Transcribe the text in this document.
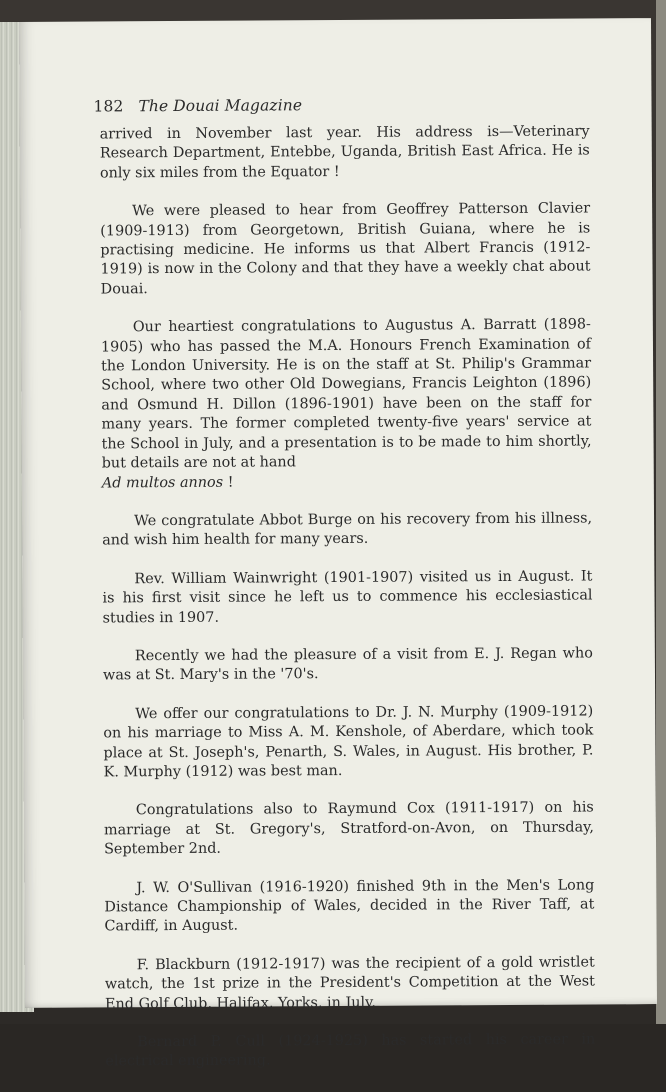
182 The Douai Magazine

arrived in November last year. His address is—Veterinary Research Department, Entebbe, Uganda, British East Africa. He is only six miles from the Equator !

We were pleased to hear from Geoffrey Patterson Clavier (1909-1913) from Georgetown, British Guiana, where he is practising medicine. He informs us that Albert Francis (1912-1919) is now in the Colony and that they have a weekly chat about Douai.

Our heartiest congratulations to Augustus A. Barratt (1898-1905) who has passed the M.A. Honours French Examination of the London University. He is on the staff at St. Philip's Grammar School, where two other Old Dowegians, Francis Leighton (1896) and Osmund H. Dillon (1896-1901) have been on the staff for many years. The former completed twenty-five years' service at the School in July, and a presentation is to be made to him shortly, but details are not at hand
Ad multos annos !

We congratulate Abbot Burge on his recovery from his illness, and wish him health for many years.

Rev. William Wainwright (1901-1907) visited us in August. It is his first visit since he left us to commence his ecclesiastical studies in 1907.

Recently we had the pleasure of a visit from E. J. Regan who was at St. Mary's in the '70's.

We offer our congratulations to Dr. J. N. Murphy (1909-1912) on his marriage to Miss A. M. Kenshole, of Aberdare, which took place at St. Joseph's, Penarth, S. Wales, in August. His brother, P. K. Murphy (1912) was best man.

Congratulations also to Raymund Cox (1911-1917) on his marriage at St. Gregory's, Stratford-on-Avon, on Thursday, September 2nd.

J. W. O'Sullivan (1916-1920) finished 9th in the Men's Long Distance Championship of Wales, decided in the River Taff, at Cardiff, in August.

F. Blackburn (1912-1917) was the recipient of a gold wristlet watch, the 1st prize in the President's Competition at the West End Golf Club, Halifax, Yorks, in July.

Bernard P. Cull (1924-1925) has started his career in electrical engineering.
